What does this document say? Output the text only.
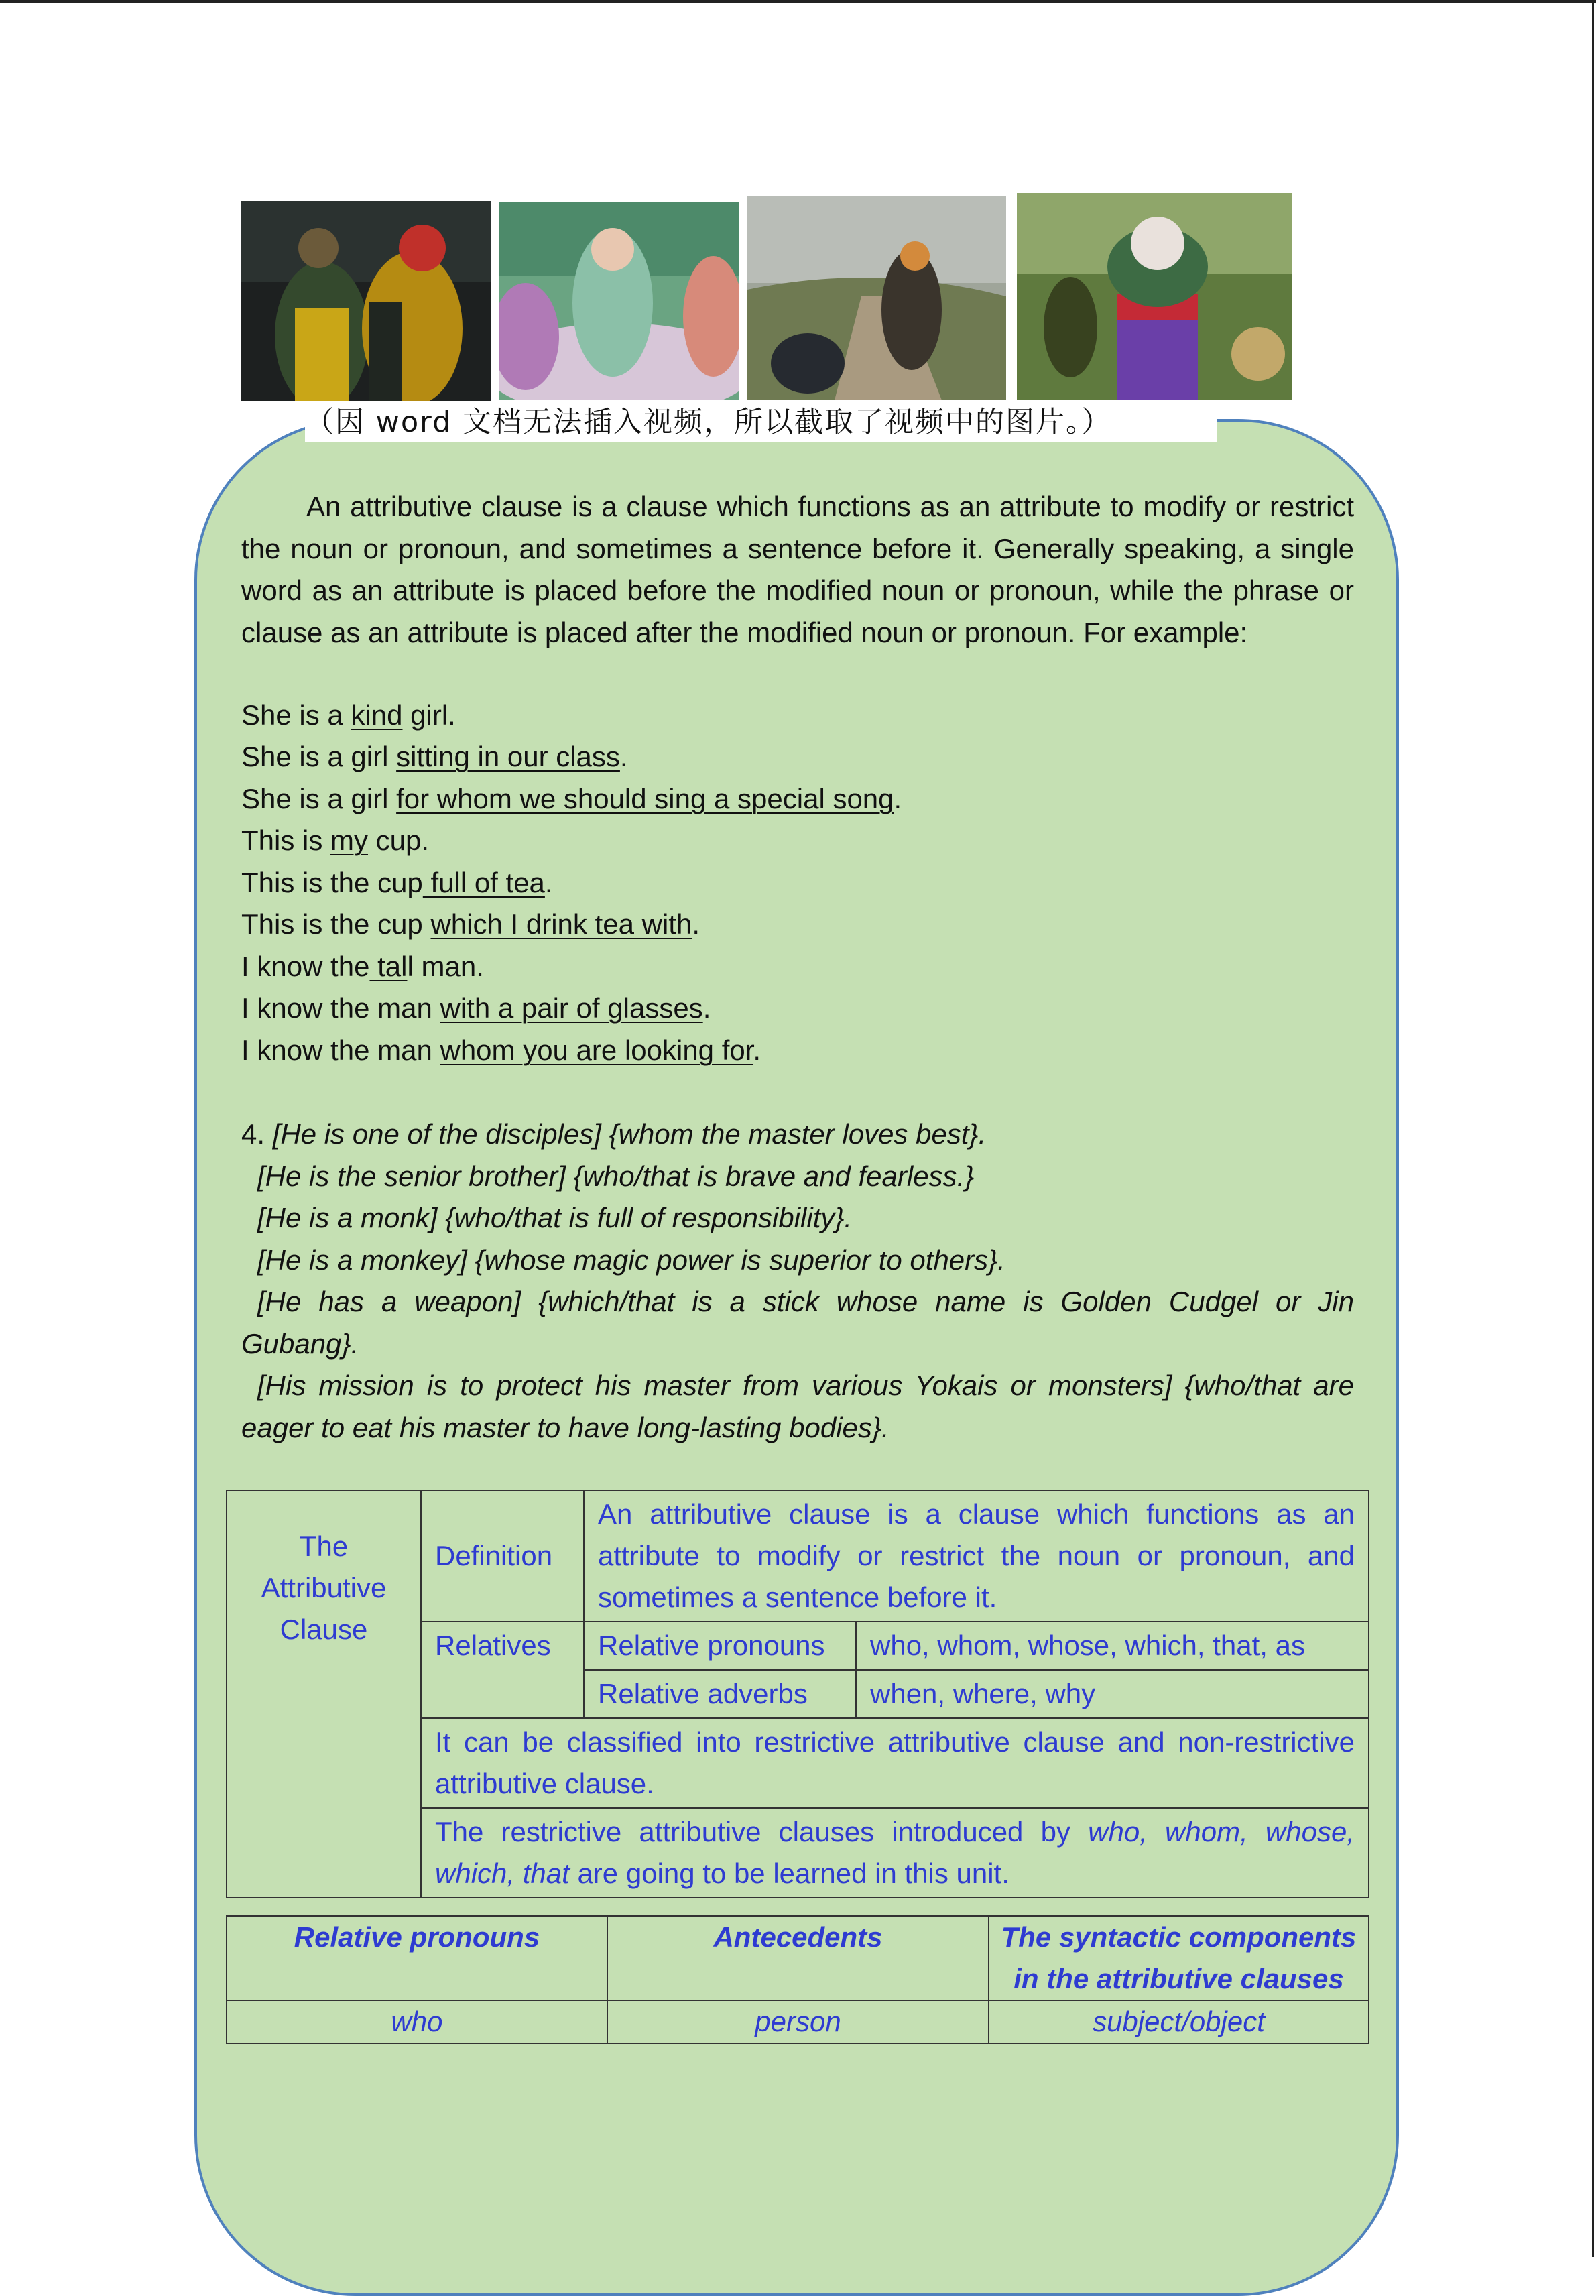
（因 word 文档无法插入视频，所以截取了视频中的图片。）
An attributive clause is a clause which functions as an attribute to modify or restrict the noun or pronoun, and sometimes a sentence before it. Generally speaking, a single word as an attribute is placed before the modified noun or pronoun, while the phrase or clause as an attribute is placed after the modified noun or pronoun. For example:
She is a kind girl.
She is a girl sitting in our class.
She is a girl for whom we should sing a special song.
This is my cup.
This is the cup full of tea.
This is the cup which I drink tea with.
I know the tall man.
I know the man with a pair of glasses.
I know the man whom you are looking for.
4. [He is one of the disciples] {whom the master loves best}.
[He is the senior brother] {who/that is brave and fearless.}
[He is a monk] {who/that is full of responsibility}.
[He is a monkey] {whose magic power is superior to others}.
[He has a weapon] {which/that is a stick whose name is Golden Cudgel or Jin
Gubang}.
[His mission is to protect his master from various Yokais or monsters] {who/that are
eager to eat his master to have long-lasting bodies}.
The Attributive Clause	Definition	An attributive clause is a clause which functions as an attribute to modify or restrict the noun or pronoun, and sometimes a sentence before it.	
	Relatives	Relative pronouns	who, whom, whose, which, that, as
		Relative adverbs	when, where, why
	It can be classified into restrictive attributive clause and non-restrictive attributive clause.		
	The restrictive attributive clauses introduced by who, whom, whose, which, that are going to be learned in this unit.		
Relative pronouns	Antecedents	The syntactic components in the attributive clauses
who	person	subject/object
